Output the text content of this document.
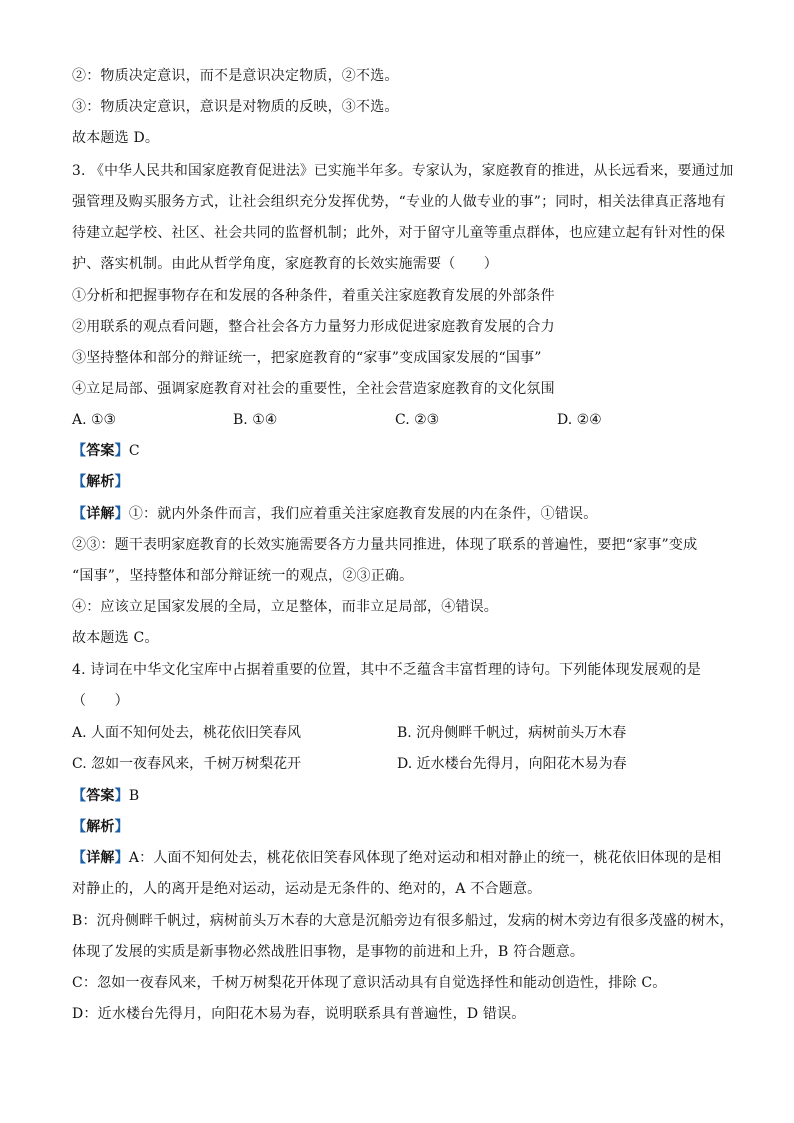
②：物质决定意识，而不是意识决定物质，②不选。
③：物质决定意识，意识是对物质的反映，③不选。
故本题选 D。
3. 《中华人民共和国家庭教育促进法》已实施半年多。专家认为，家庭教育的推进，从长远看来，要通过加
强管理及购买服务方式，让社会组织充分发挥优势，“专业的人做专业的事”；同时，相关法律真正落地有
待建立起学校、社区、社会共同的监督机制；此外，对于留守儿童等重点群体，也应建立起有针对性的保
护、落实机制。由此从哲学角度，家庭教育的长效实施需要（　　）
①分析和把握事物存在和发展的各种条件，着重关注家庭教育发展的外部条件
②用联系的观点看问题，整合社会各方力量努力形成促进家庭教育发展的合力
③坚持整体和部分的辩证统一，把家庭教育的“家事”变成国家发展的“国事”
④立足局部、强调家庭教育对社会的重要性，全社会营造家庭教育的文化氛围
A. ①③	B. ①④	C. ②③	D. ②④
【答案】C
【解析】
【详解】①：就内外条件而言，我们应着重关注家庭教育发展的内在条件，①错误。
②③：题干表明家庭教育的长效实施需要各方力量共同推进，体现了联系的普遍性，要把“家事”变成
“国事”，坚持整体和部分辩证统一的观点，②③正确。
④：应该立足国家发展的全局，立足整体，而非立足局部，④错误。
故本题选 C。
4. 诗词在中华文化宝库中占据着重要的位置，其中不乏蕴含丰富哲理的诗句。下列能体现发展观的是
（　　）
A. 人面不知何处去，桃花依旧笑春风	B. 沉舟侧畔千帆过，病树前头万木春
C. 忽如一夜春风来，千树万树梨花开	D. 近水楼台先得月，向阳花木易为春
【答案】B
【解析】
【详解】A：人面不知何处去，桃花依旧笑春风体现了绝对运动和相对静止的统一，桃花依旧体现的是相
对静止的，人的离开是绝对运动，运动是无条件的、绝对的，A 不合题意。
B：沉舟侧畔千帆过，病树前头万木春的大意是沉船旁边有很多船过，发病的树木旁边有很多茂盛的树木，
体现了发展的实质是新事物必然战胜旧事物，是事物的前进和上升，B 符合题意。
C：忽如一夜春风来，千树万树梨花开体现了意识活动具有自觉选择性和能动创造性，排除 C。
D：近水楼台先得月，向阳花木易为春，说明联系具有普遍性，D 错误。
